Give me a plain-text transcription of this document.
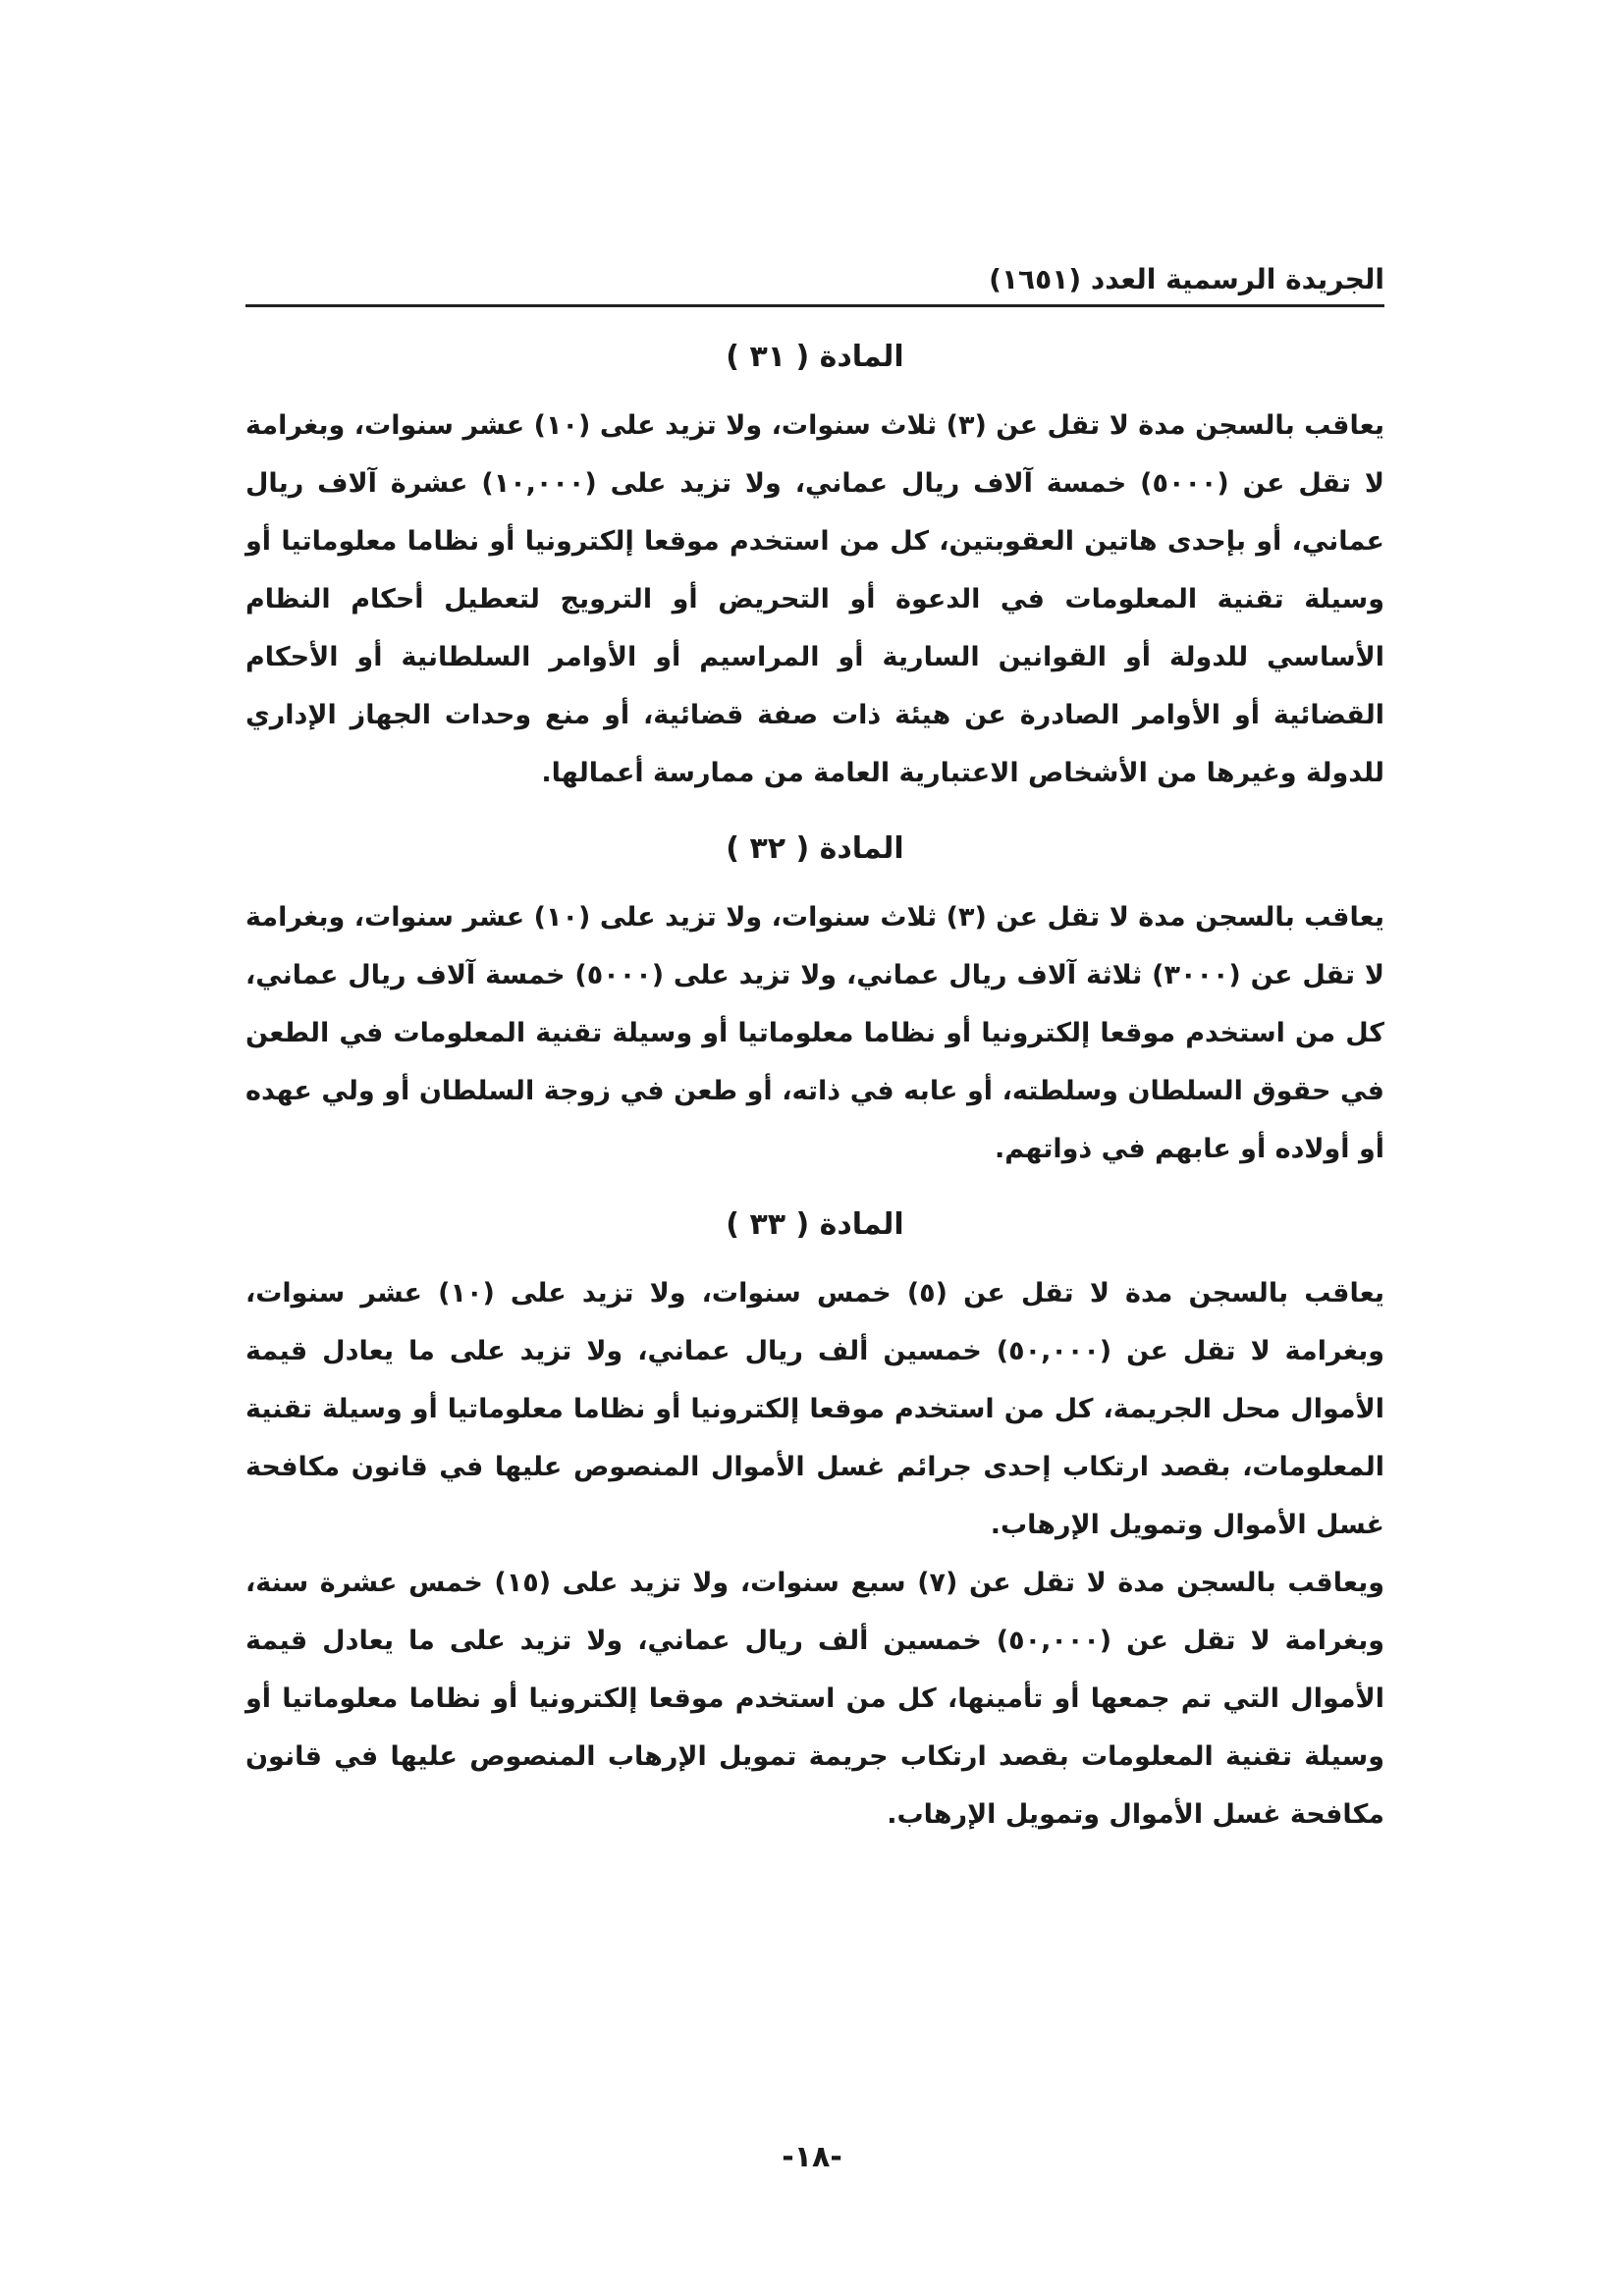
الجريدة الرسمية العدد (١٦٥١)
المادة ( ٣١ )

يعاقب بالسجن مدة لا تقل عن (٣) ثلاث سنوات، ولا تزيد على (١٠) عشر سنوات، وبغرامة لا تقل عن (٥٠٠٠) خمسة آلاف ريال عماني، ولا تزيد على (١٠,٠٠٠) عشرة آلاف ريال عماني، أو بإحدى هاتين العقوبتين، كل من استخدم موقعا إلكترونيا أو نظاما معلوماتيا أو وسيلة تقنية المعلومات في الدعوة أو التحريض أو الترويج لتعطيل أحكام النظام الأساسي للدولة أو القوانين السارية أو المراسيم أو الأوامر السلطانية أو الأحكام القضائية أو الأوامر الصادرة عن هيئة ذات صفة قضائية، أو منع وحدات الجهاز الإداري للدولة وغيرها من الأشخاص الاعتبارية العامة من ممارسة أعمالها.

المادة ( ٣٢ )

يعاقب بالسجن مدة لا تقل عن (٣) ثلاث سنوات، ولا تزيد على (١٠) عشر سنوات، وبغرامة لا تقل عن (٣٠٠٠) ثلاثة آلاف ريال عماني، ولا تزيد على (٥٠٠٠) خمسة آلاف ريال عماني، كل من استخدم موقعا إلكترونيا أو نظاما معلوماتيا أو وسيلة تقنية المعلومات في الطعن في حقوق السلطان وسلطته، أو عابه في ذاته، أو طعن في زوجة السلطان أو ولي عهده أو أولاده أو عابهم في ذواتهم.

المادة ( ٣٣ )

يعاقب بالسجن مدة لا تقل عن (٥) خمس سنوات، ولا تزيد على (١٠) عشر سنوات، وبغرامة لا تقل عن (٥٠,٠٠٠) خمسين ألف ريال عماني، ولا تزيد على ما يعادل قيمة الأموال محل الجريمة، كل من استخدم موقعا إلكترونيا أو نظاما معلوماتيا أو وسيلة تقنية المعلومات، بقصد ارتكاب إحدى جرائم غسل الأموال المنصوص عليها في قانون مكافحة غسل الأموال وتمويل الإرهاب.

ويعاقب بالسجن مدة لا تقل عن (٧) سبع سنوات، ولا تزيد على (١٥) خمس عشرة سنة، وبغرامة لا تقل عن (٥٠,٠٠٠) خمسين ألف ريال عماني، ولا تزيد على ما يعادل قيمة الأموال التي تم جمعها أو تأمينها، كل من استخدم موقعا إلكترونيا أو نظاما معلوماتيا أو وسيلة تقنية المعلومات بقصد ارتكاب جريمة تمويل الإرهاب المنصوص عليها في قانون مكافحة غسل الأموال وتمويل الإرهاب.

-١٨-
